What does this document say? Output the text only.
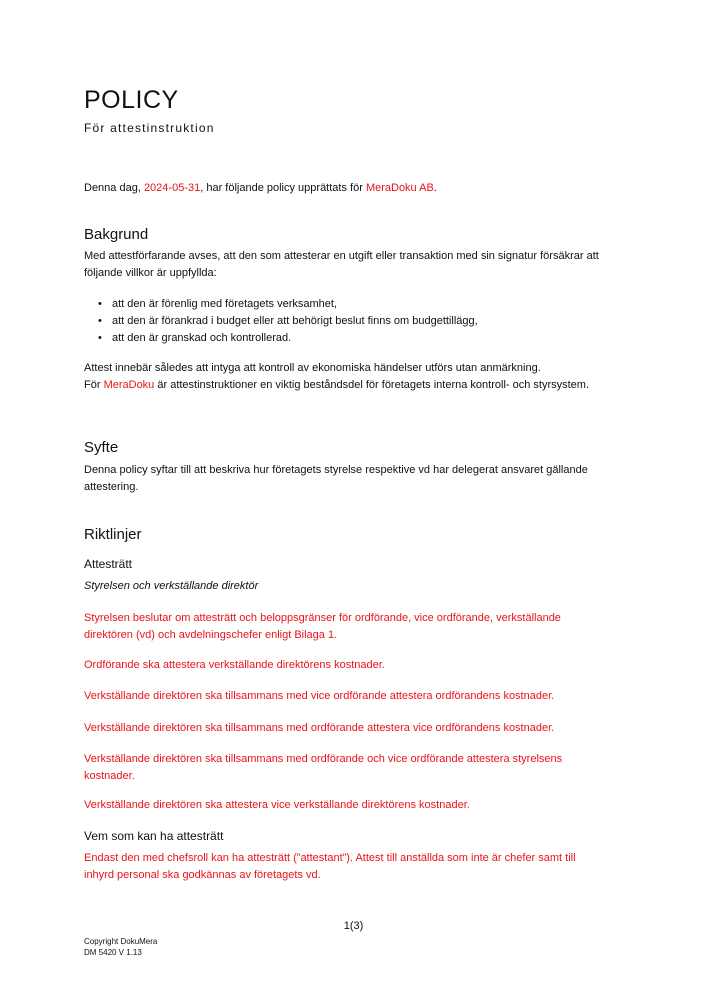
POLICY
För attestinstruktion

Denna dag, 2024-05-31, har följande policy upprättats för MeraDoku AB.

Bakgrund

Med attestförfarande avses, att den som attesterar en utgift eller transaktion med sin signatur försäkrar att följande villkor är uppfyllda:

• att den är förenlig med företagets verksamhet,
• att den är förankrad i budget eller att behörigt beslut finns om budgettillägg,
• att den är granskad och kontrollerad.

Attest innebär således att intyga att kontroll av ekonomiska händelser utförs utan anmärkning.
För MeraDoku är attestinstruktioner en viktig beståndsdel för företagets interna kontroll- och styrsystem.

Syfte

Denna policy syftar till att beskriva hur företagets styrelse respektive vd har delegerat ansvaret gällande attestering.

Riktlinjer
Attesträtt

Styrelsen och verkställande direktör

Styrelsen beslutar om attesträtt och beloppsgränser för ordförande, vice ordförande, verkställande direktören (vd) och avdelningschefer enligt Bilaga 1.

Ordförande ska attestera verkställande direktörens kostnader.

Verkställande direktören ska tillsammans med vice ordförande attestera ordförandens kostnader.

Verkställande direktören ska tillsammans med ordförande attestera vice ordförandens kostnader.

Verkställande direktören ska tillsammans med ordförande och vice ordförande attestera styrelsens kostnader.

Verkställande direktören ska attestera vice verkställande direktörens kostnader.

Vem som kan ha attesträtt

Endast den med chefsroll kan ha attesträtt (”attestant”). Attest till anställda som inte är chefer samt till inhyrd personal ska godkännas av företagets vd.

1(3)
Copyright DokuMera
DM 5420 V 1.13
